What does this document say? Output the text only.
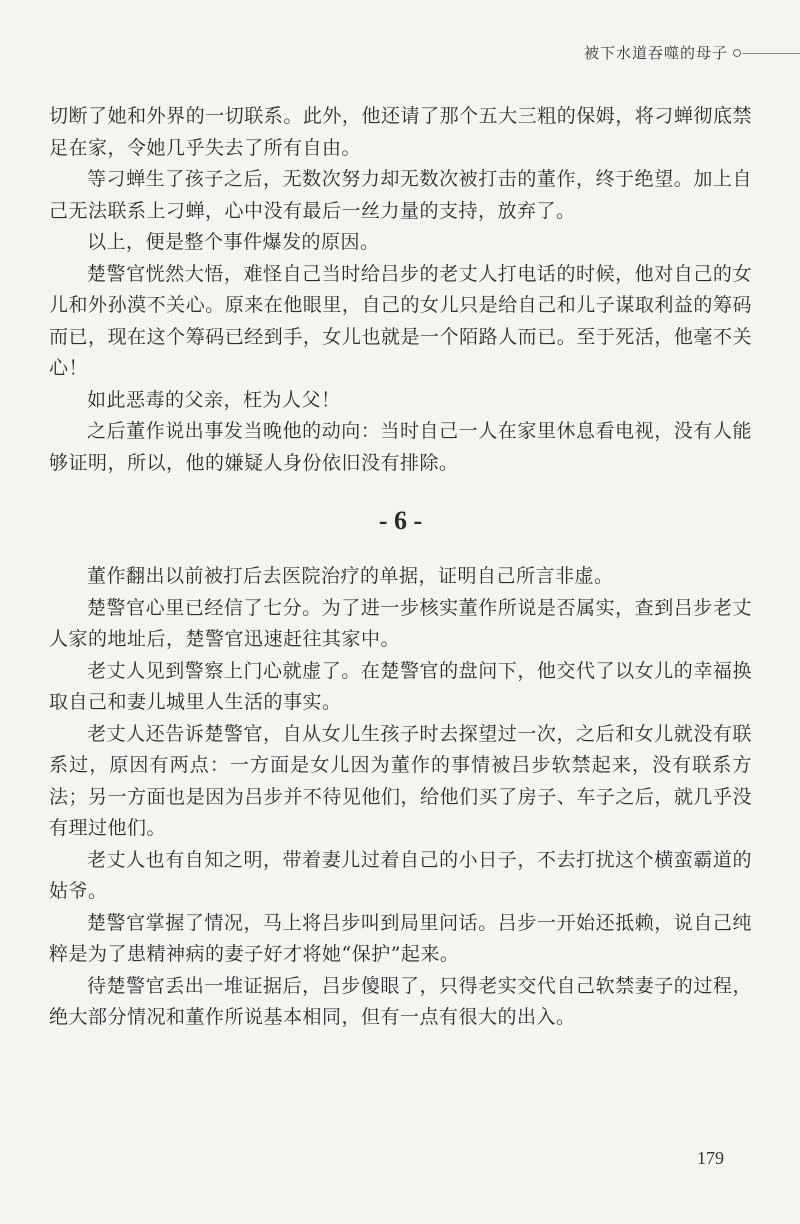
被下水道吞噬的母子

切断了她和外界的一切联系。此外，他还请了那个五大三粗的保姆，将刁蝉彻底禁足在家，令她几乎失去了所有自由。

等刁蝉生了孩子之后，无数次努力却无数次被打击的董作，终于绝望。加上自己无法联系上刁蝉，心中没有最后一丝力量的支持，放弃了。

以上，便是整个事件爆发的原因。

楚警官恍然大悟，难怪自己当时给吕步的老丈人打电话的时候，他对自己的女儿和外孙漠不关心。原来在他眼里，自己的女儿只是给自己和儿子谋取利益的筹码而已，现在这个筹码已经到手，女儿也就是一个陌路人而已。至于死活，他毫不关心！

如此恶毒的父亲，枉为人父！

之后董作说出事发当晚他的动向：当时自己一人在家里休息看电视，没有人能够证明，所以，他的嫌疑人身份依旧没有排除。

- 6 -

董作翻出以前被打后去医院治疗的单据，证明自己所言非虚。

楚警官心里已经信了七分。为了进一步核实董作所说是否属实，查到吕步老丈人家的地址后，楚警官迅速赶往其家中。

老丈人见到警察上门心就虚了。在楚警官的盘问下，他交代了以女儿的幸福换取自己和妻儿城里人生活的事实。

老丈人还告诉楚警官，自从女儿生孩子时去探望过一次，之后和女儿就没有联系过，原因有两点：一方面是女儿因为董作的事情被吕步软禁起来，没有联系方法；另一方面也是因为吕步并不待见他们，给他们买了房子、车子之后，就几乎没有理过他们。

老丈人也有自知之明，带着妻儿过着自己的小日子，不去打扰这个横蛮霸道的姑爷。

楚警官掌握了情况，马上将吕步叫到局里问话。吕步一开始还抵赖，说自己纯粹是为了患精神病的妻子好才将她“保护”起来。

待楚警官丢出一堆证据后，吕步傻眼了，只得老实交代自己软禁妻子的过程，绝大部分情况和董作所说基本相同，但有一点有很大的出入。

179
